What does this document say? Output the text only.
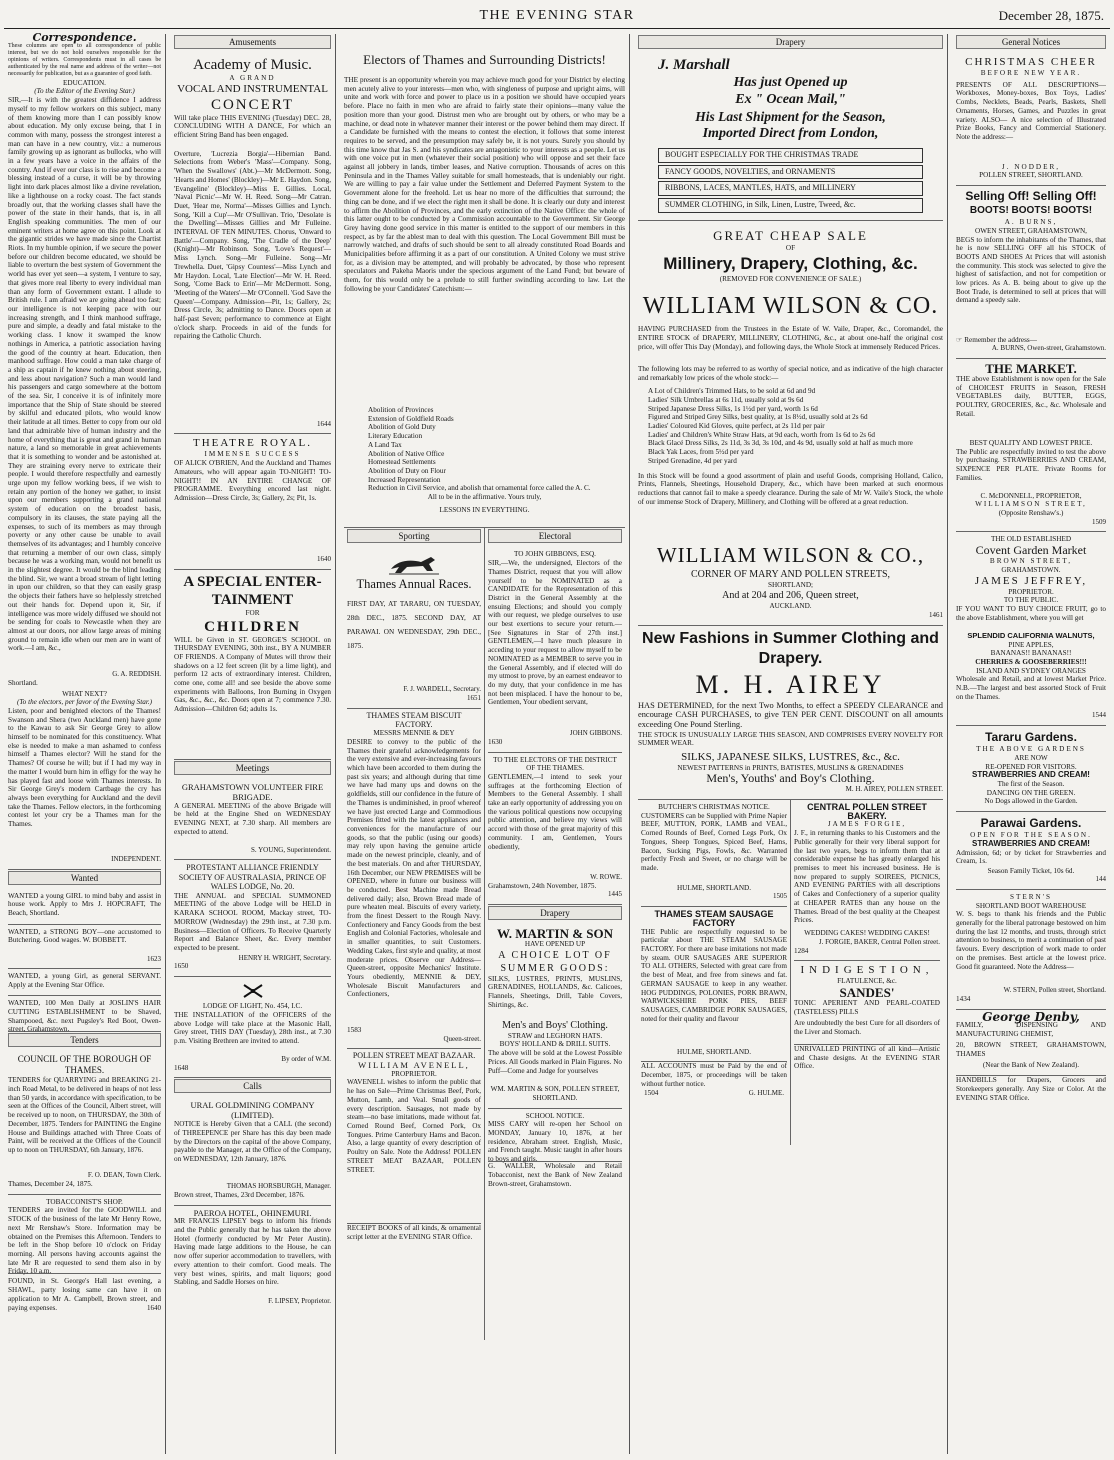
THE EVENING STAR	December 28, 1875.
Correspondence.
These columns are open to all correspondence of public interest, but we do not hold ourselves responsible for the opinions of writers. Correspondents must in all cases be authenticated by the real name and address of the writer—not necessarily for publication, but as a guarantee of good faith.
EDUCATION.
(To the Editor of the Evening Star.)
SIR,—It is with the greatest diffidence I address myself to my fellow workers on this subject, many of them knowing more than I can possibly know about education. My only excuse being, that I in common with many, possess the strongest interest a man can have in a new country, viz.: a numerous family growing up as ignorant as bullocks, who will in a few years have a voice in the affairs of the country. And if ever our class is to rise and become a blessing instead of a curse, it will be by throwing light into dark places almost like a divine revelation, like a lighthouse on a rocky coast. The fact stands broadly out, that the working classes shall have the power of the state in their hands, that is, in all English speaking communities. The men of our eminent writers at home agree on this point. Look at the gigantic strides we have made since the Chartist Riots. In my humble opinion, if we secure the power before our children become educated, we should be liable to overturn the best system of Government the world has ever yet seen—a system, I venture to say, that gives more real liberty to every individual man than any form of Government extant. I allude to British rule. I am afraid we are going ahead too fast; our intelligence is not keeping pace with our increasing strength, and I think manhood suffrage, pure and simple, a deadly and fatal mistake to the working class. I know it swamped the know nothings in America, a patriotic association having the good of the country at heart. Education, then manhood suffrage. How could a man take charge of a ship as captain if he knew nothing about steering, and less about navigation? Such a man would land his passengers and cargo somewhere at the bottom of the sea. Sir, I conceive it is of infinitely more importance that the Ship of State should be steered by skilful and educated pilots, who would know their latitude at all times. Better to copy from our old land that admirable hive of human industry and the home of everything that is great and grand in human nature, a land so memorable in great achievements that it is something to wonder and be astonished at. They are straining every nerve to extricate their people. I would therefore respectfully and earnestly urge upon my fellow working bees, if we wish to retain any portion of the honey we gather, to insist upon our members supporting a grand national system of education on the broadest basis, compulsory in its clauses, the state paying all the expenses, to such of its members as may through poverty or any other cause be unable to avail themselves of its advantages; and I humbly conceive that returning a member of our own class, simply because he was a working man, would not benefit us in the slightest degree. It would be the blind leading the blind. Sir, we want a broad stream of light letting in upon our children, so that they can easily grasp the objects their fathers have so helplessly stretched out their hands for. Depend upon it, Sir, if intelligence was more widely diffused we should not be sending for coals to Newcastle when they are almost at our doors, nor allow large areas of mining ground to remain idle when our men are in want of work.—I am, &c.,
G. A. REDDISH.
Shortland.
WHAT NEXT?
(To the electors, per favor of the Evening Star.)
Listen, poor and benighted electors of the Thames! Swanson and Shera (two Auckland men) have gone to the Kawau to ask Sir George Grey to allow himself to be nominated for this constituency. What else is needed to make a man ashamed to confess himself a Thames elector? Will he stand for the Thames? Of course he will; but if I had my way in the matter I would burn him in effigy for the way he has played fast and loose with Thames interests. In Sir George Grey's modern Cartbage the cry has always been everything for Auckland and the devil take the Thames. Fellow electors, in the forthcoming contest let your cry be a Thames man for the Thames.
INDEPENDENT.
Wanted
WANTED a young GIRL to mind baby and assist in house work. Apply to Mrs J. HOPCRAFT, The Beach, Shortland.
WANTED, a STRONG BOY—one accustomed to Butchering. Good wages. W. BOBBETT.
1623
WANTED, a young Girl, as general SERVANT. Apply at the Evening Star Office.
WANTED, 100 Men Daily at JOSLIN'S HAIR CUTTING ESTABLISHMENT to be Shaved, Shampooed, &c. next Pugsley's Red Boot, Owen-street, Grahamstown.
Tenders
COUNCIL OF THE BOROUGH OF THAMES.
TENDERS for QUARRYING and BREAKING 21-inch Road Metal, to be delivered in heaps of not less than 50 yards, in accordance with specification, to be seen at the Offices of the Council, Albert street, will be received up to noon, on THURSDAY, the 30th of December, 1875. Tenders for PAINTING the Engine House and Buildings attached with Three Coats of Paint, will be received at the Offices of the Council up to noon on THURSDAY, 6th January, 1876.
F. O. DEAN, Town Clerk.
Thames, December 24, 1875.
TOBACCONIST'S SHOP.
TENDERS are invited for the GOODWILL and STOCK of the business of the late Mr Henry Rowe, next Mr Renshaw's Store. Information may be obtained on the Premises this Afternoon. Tenders to be left in the Shop before 10 o'clock on Friday morning. All persons having accounts against the late Mr R are requested to send them also in by Friday, 10 a.m.
FOUND, in St. George's Hall last evening, a SHAWL, party losing same can have it on application to Mr A. Campbell, Brown street, and paying expenses.	1640
Amusements
Academy of Music.
A GRAND
VOCAL AND INSTRUMENTAL
CONCERT
Will take place THIS EVENING (Tuesday) DEC. 28, CONCLUDING WITH A DANCE, For which an efficient String Band has been engaged.
Overture, 'Lucrezia Borgia'—Hibernian Band. Selections from Weber's 'Mass'—Company. Song, 'When the Swallows' (Abt.)—Mr McDermott. Song, 'Hearts and Homes' (Blockley)—Mr E. Haydon. Song, 'Evangeline' (Blockley)—Miss E. Gillies. Local, 'Naval Picnic'—Mr W. H. Reed. Song—Mr Catran. Duet, 'Hear me, Norma'—Misses Gillies and Lynch. Song, 'Kill a Cup'—Mr O'Sullivan. Trio, 'Desolate is the Dwelling'—Misses Gillies and Mr Fulleine. INTERVAL OF TEN MINUTES. Chorus, 'Onward to Battle'—Company. Song, 'The Cradle of the Deep' (Knight)—Mr Robinson. Song, 'Love's Request'—Miss Lynch. Song—Mr Fulleine. Song—Mr Trewhella. Duet, 'Gipsy Countess'—Miss Lynch and Mr Haydon. Local, 'Late Election'—Mr W. H. Reed. Song, 'Come Back to Erin'—Mr McDermott. Song, 'Meeting of the Waters'—Mr O'Connell. 'God Save the Queen'—Company. Admission—Pit, 1s; Gallery, 2s; Dress Circle, 3s; admitting to Dance. Doors open at half-past Seven; performance to commence at Eight o'clock sharp. Proceeds in aid of the funds for repairing the Catholic Church.
1644
THEATRE ROYAL.
IMMENSE SUCCESS
OF ALICK O'BRIEN, And the Auckland and Thames Amateurs, who will appear again TO-NIGHT! TO-NIGHT!! IN AN ENTIRE CHANGE OF PROGRAMME. Everything encored last night. Admission—Dress Circle, 3s; Gallery, 2s; Pit, 1s.
1640
A SPECIAL ENTER-TAINMENT
FOR
CHILDREN
WILL be Given in ST. GEORGE'S SCHOOL on THURSDAY EVENING, 30th inst., BY A NUMBER OF FRIENDS. A Company of Mutes will throw their shadows on a 12 feet screen (lit by a lime light), and perform 12 acts of extraordinary interest. Children, come one, come all! and see beside the above some experiments with Balloons, Iron Burning in Oxygen Gas, &c., &c., &c. Doors open at 7; commence 7.30. Admission—Children 6d; adults 1s.
Meetings
GRAHAMSTOWN VOLUNTEER FIRE BRIGADE.
A GENERAL MEETING of the above Brigade will be held at the Engine Shed on WEDNESDAY EVENING NEXT, at 7.30 sharp. All members are expected to attend.
S. YOUNG, Superintendent.
PROTESTANT ALLIANCE FRIENDLY SOCIETY OF AUSTRALASIA, PRINCE OF WALES LODGE, No. 20.
THE ANNUAL and SPECIAL SUMMONED MEETING of the above Lodge will be HELD in KARAKA SCHOOL ROOM, Mackay street, TO-MORROW (Wednesday) the 29th inst., at 7.30 p.m. Business—Election of Officers. To Receive Quarterly Report and Balance Sheet, &c. Every member expected to be present.
HENRY H. WRIGHT, Secretary.
1650
LODGE OF LIGHT, No. 454, I.C.
THE INSTALLATION of the OFFICERS of the above Lodge will take place at the Masonic Hall, Grey street, THIS DAY (Tuesday), 28th inst., at 7.30 p.m. Visiting Brethren are invited to attend.
By order of W.M.
1648
Calls
URAL GOLDMINING COMPANY (LIMITED).
NOTICE is Hereby Given that a CALL (the second) of THREEPENCE per Share has this day been made by the Directors on the capital of the above Company, payable to the Manager, at the Office of the Company, on WEDNESDAY, 12th January, 1876.
THOMAS HORSBURGH, Manager.
Brown street, Thames, 23rd December, 1876.
PAEROA HOTEL, OHINEMURI.
MR FRANCIS LIPSEY begs to inform his friends and the Public generally that he has taken the above Hotel (formerly conducted by Mr Peter Austin). Having made large additions to the House, he can now offer superior accommodation to travellers, with every attention to their comfort. Good meals. The very best wines, spirits, and malt liquors; good Stabling, and Saddle Horses on hire.
F. LIPSEY, Proprietor.
Electors of Thames and Surrounding Districts!
THE present is an opportunity wherein you may achieve much good for your District by electing men acutely alive to your interests—men who, with singleness of purpose and upright aims, will unite and work with force and power to place us in a position we should have occupied years before. Place no faith in men who are afraid to fairly state their opinions—many value the position more than your good. Distrust men who are brought out by others, or who may be a machine, or dead note in whatever manner their interest or the power behind them may direct. If a Candidate be furnished with the means to contest the election, it follows that some interest requires to be served, and the presumption may safely be, it is not yours. Surely you should by this time know that Jas S. and his syndicates are antagonistic to your interests as a people. Let us with one voice put in men (whatever their social position) who will oppose and set their face against all jobbery in lands, timber leases, and Native corruption. Thousands of acres on this Peninsula and in the Thames Valley suitable for small homesteads, that is undeniably our right. We are willing to pay a fair value under the Settlement and Deferred Payment System to the Government alone for the freehold. Let us hear no more of the difficulties that surround; the thing can be done, and if we elect the right men it shall be done. It is clearly our duty and interest to affirm the Abolition of Provinces, and the early extinction of the Native Office: the whole of this latter ought to be conducted by a Commission accountable to the Government. Sir George Grey having done good service in this matter is entitled to the support of our members in this respect, as by far the ablest man to deal with this question. The Local Government Bill must be narrowly watched, and drafts of such should be sent to all already constituted Road Boards and Municipalities before affirming it as a part of our constitution. A United Colony we must strive for, as a division may be attempted, and will probably be advocated, by those who represent speculators and Pakeha Maoris under the specious argument of the Land Fund; but beware of them, for this would only be a prelude to still further swindling according to law. Let the following be your Candidates' Catechism:—
Abolition of Provinces
Extension of Goldfield Roads
Abolition of Gold Duty
Literary Education
A Land Tax
Abolition of Native Office
Homestead Settlements
Abolition of Duty on Flour
Increased Representation
Reduction in Civil Service, and abolish that ornamental force called the A. C.
All to be in the affirmative. Yours truly,
LESSONS IN EVERYTHING.
Sporting
Thames Annual Races.
FIRST DAY, AT TARARU, ON TUESDAY, 28th DEC., 1875. SECOND DAY, AT PARAWAI. ON WEDNESDAY, 29th DEC., 1875.
F. J. WARDELL, Secretary.
1651
THAMES STEAM BISCUIT FACTORY.
MESSRS MENNIE & DEY
DESIRE to convey to the public of the Thames their grateful acknowledgements for the very extensive and ever-increasing favours which have been accorded to them during the past six years; and although during that time we have had many ups and downs on the goldfields, still our confidence in the future of the Thames is undiminished, in proof whereof we have just erected Large and Commodious Premises fitted with the latest appliances and conveniences for the manufacture of our goods, so that the public (using our goods) may rely upon having the genuine article made on the newest principle, cleanly, and of the best materials. On and after THURSDAY, 16th December, our NEW PREMISES will be OPENED, where in future our business will be conducted. Best Machine made Bread delivered daily; also, Brown Bread made of pure wheaten meal. Biscuits of every variety, from the finest Dessert to the Rough Navy. Confectionery and Fancy Goods from the best English and Colonial Factories, wholesale and in smaller quantities, to suit Customers. Wedding Cakes, first style and quality, at most moderate prices. Observe our Address—Queen-street, opposite Mechanics' Institute. Yours obediently, MENNIE & DEY, Wholesale Biscuit Manufacturers and Confectioners,
1583
Queen-street.
POLLEN STREET MEAT BAZAAR.
WILLIAM AVENELL,
PROPRIETOR.
WAVENELL wishes to inform the public that he has on Sale—Prime Christmas Beef, Pork, Mutton, Lamb, and Veal. Small goods of every description. Sausages, not made by steam—no base imitations, made without fat. Corned Round Beef, Corned Pork, Ox Tongues. Prime Canterbury Hams and Bacon. Also, a large quantity of every description of Poultry on Sale. Note the Address! POLLEN STREET MEAT BAZAAR, POLLEN STREET.
RECEIPT BOOKS of all kinds, & ornamental script letter at the EVENING STAR Office.
Electoral
TO JOHN GIBBONS, ESQ.
SIR,—We, the undersigned, Electors of the Thames District, request that you will allow yourself to be NOMINATED as a CANDIDATE for the Representation of this District in the General Assembly at the ensuing Elections; and should you comply with our request, we pledge ourselves to use our best exertions to secure your return.— [See Signatures in Star of 27th inst.] GENTLEMEN,—I have much pleasure in acceding to your request to allow myself to be NOMINATED as a MEMBER to serve you in the General Assembly, and if elected will do my utmost to prove, by an earnest endeavor to do my duty, that your confidence in me has not been misplaced. I have the honour to be, Gentlemen, Your obedient servant,
JOHN GIBBONS.
1630
TO THE ELECTORS OF THE DISTRICT OF THE THAMES.
GENTLEMEN,—I intend to seek your suffrages at the forthcoming Election of Members to the General Assembly. I shall take an early opportunity of addressing you on the various political questions now occupying public attention, and believe my views will accord with those of the great majority of this community. I am, Gentlemen, Yours obediently,
W. ROWE.
Grahamstown, 24th November, 1875.
1445
Drapery
W. MARTIN & SON
HAVE OPENED UP
A CHOICE LOT OF SUMMER GOODS:
SILKS, LUSTRES, PRINTS, MUSLINS, GRENADINES, HOLLANDS, &c. Calicoes, Flannels, Sheetings, Drill, Table Covers, Shirtings, &c.
Men's and Boys' Clothing.
STRAW and LEGHORN HATS.
BOYS' HOLLAND & DRILL SUITS.
The above will be sold at the Lowest Possible Prices. All Goods marked in Plain Figures. No Puff—Come and Judge for yourselves
WM. MARTIN & SON, POLLEN STREET, SHORTLAND.
SCHOOL NOTICE.
MISS CARY will re-open her School on MONDAY, January 10, 1876, at her residence, Abraham street. English, Music, and French taught. Music taught in after hours to boys and girls.
G. WALLER, Wholesale and Retail Tobacconist, next the Bank of New Zealand Brown-street, Grahamstown.
Drapery
J. Marshall
Has just Opened up
Ex " Ocean Mail,"
His Last Shipment for the Season,
Imported Direct from London,
BOUGHT ESPECIALLY FOR THE CHRISTMAS TRADE
FANCY GOODS, NOVELTIES, and ORNAMENTS
RIBBONS, LACES, MANTLES, HATS, and MILLINERY
SUMMER CLOTHING, in Silk, Linen, Lustre, Tweed, &c.
GREAT CHEAP SALE
OF
Millinery, Drapery, Clothing, &c.
(REMOVED FOR CONVENIENCE OF SALE.)
WILLIAM WILSON & CO.
HAVING PURCHASED from the Trustees in the Estate of W. Vaile, Draper, &c., Coromandel, the ENTIRE STOCK of DRAPERY, MILLINERY, CLOTHING, &c., at about one-half the original cost price, will offer This Day (Monday), and following days, the Whole Stock at immensely Reduced Prices.
The following lots may be referred to as worthy of special notice, and as indicative of the high character and remarkably low prices of the whole stock:—
A Lot of Children's Trimmed Hats, to be sold at 6d and 9d
Ladies' Silk Umbrellas at 6s 11d, usually sold at 9s 6d
Striped Japanese Dress Silks, 1s 1½d per yard, worth 1s 6d
Figured and Striped Grey Silks, best quality, at 1s 8½d, usually sold at 2s 6d
Ladies' Coloured Kid Gloves, quite perfect, at 2s 11d per pair
Ladies' and Children's White Straw Hats, at 9d each, worth from 1s 6d to 2s 6d
Black Glacé Dress Silks, 2s 11d, 3s 3d, 3s 10d, and 4s 9d, usually sold at half as much more
Black Yak Laces, from 5½d per yard
Striped Grenadine, 4d per yard
In this Stock will be found a good assortment of plain and useful Goods, comprising Holland, Calico, Prints, Flannels, Sheetings, Household Drapery, &c., which have been marked at such enormous reductions that cannot fail to make a speedy clearance. During the sale of Mr W. Vaile's Stock, the whole of our immense Stock of Drapery, Millinery, and Clothing will be offered at a great reduction.
WILLIAM WILSON & CO.,
CORNER OF MARY AND POLLEN STREETS,
SHORTLAND;
And at 204 and 206, Queen street,
AUCKLAND.
1461
New Fashions in Summer Clothing and Drapery.
M. H. AIREY
HAS DETERMINED, for the next Two Months, to effect a SPEEDY CLEARANCE and encourage CASH PURCHASES, to give TEN PER CENT. DISCOUNT on all amounts exceeding One Pound Sterling.
THE STOCK IS UNUSUALLY LARGE THIS SEASON, AND COMPRISES EVERY NOVELTY FOR SUMMER WEAR.
SILKS, JAPANESE SILKS, LUSTRES, &c., &c.
NEWEST PATTERNS in PRINTS, BATISTES, MUSLINS & GRENADINES
Men's, Youths' and Boy's Clothing.
M. H. AIREY, POLLEN STREET.
BUTCHER'S CHRISTMAS NOTICE.
CUSTOMERS can be Supplied with Prime Napier BEEF, MUTTON, PORK, LAMB and VEAL, Corned Rounds of Beef, Corned Legs Pork, Ox Tongues, Sheep Tongues, Spiced Beef, Hams, Bacon, Sucking Pigs, Fowls, &c. Warranted perfectly Fresh and Sweet, or no charge will be made.
HULME, SHORTLAND.
1505
THAMES STEAM SAUSAGE FACTORY
THE Public are respectfully requested to be particular about THE STEAM SAUSAGE FACTORY. For there are base imitations not made by steam. OUR SAUSAGES ARE SUPERIOR TO ALL OTHERS, Selected with great care from the best of Meat, and free from sinews and fat. GERMAN SAUSAGE to keep in any weather. HOG PUDDINGS, POLONIES, PORK BRAWN, WARWICKSHIRE PORK PIES, BEEF SAUSAGES, CAMBRIDGE PORK SAUSAGES, noted for their quality and flavour
HULME, SHORTLAND.
ALL ACCOUNTS must be Paid by the end of December, 1875, or proceedings will be taken without further notice.
1504	G. HULME.
CENTRAL POLLEN STREET BAKERY.
JAMES FORGIE,
J. F., in returning thanks to his Customers and the Public generally for their very liberal support for the last two years, begs to inform them that at considerable expense he has greatly enlarged his premises to meet his increased business. He is now prepared to supply SOIREES, PICNICS, AND EVENING PARTIES with all descriptions of Cakes and Confectionery of a superior quality at CHEAPER RATES than any house on the Thames. Bread of the best quality at the Cheapest Prices.
WEDDING CAKES! WEDDING CAKES!
J. FORGIE, BAKER, Central Pollen street.
1284
INDIGESTION,
FLATULENCE, &c.
SANDES'
TONIC APERIENT AND PEARL-COATED (TASTELESS) PILLS
Are undoubtedly the best Cure for all disorders of the Liver and Stomach.
UNRIVALLED PRINTING of all kind—Artistic and Chaste designs. At the EVENING STAR Office.
General Notices
CHRISTMAS CHEER
BEFORE NEW YEAR.
PRESENTS OF ALL DESCRIPTIONS—Workboxes, Money-boxes, Box Toys, Ladies' Combs, Necklets, Beads, Pearls, Baskets, Shell Ornaments, Horses, Games, and Puzzles in great variety. ALSO— A nice selection of Illustrated Prize Books, Fancy and Commercial Stationery. Note the address:—
J. NODDER,
POLLEN STREET, SHORTLAND.
Selling Off! Selling Off!
BOOTS! BOOTS! BOOTS!
A. BURNS,
OWEN STREET, GRAHAMSTOWN,
BEGS to inform the inhabitants of the Thames, that he is now SELLING OFF all his STOCK of BOOTS AND SHOES At Prices that will astonish the community. This stock was selected to give the highest of satisfaction, and not for competition or low prices. As A. B. being about to give up the Boot Trade, is determined to sell at prices that will demand a speedy sale.
☞ Remember the address—
A. BURNS, Owen-street, Grahamstown.
THE MARKET.
THE above Establishment is now open for the Sale of CHOICEST FRUITS in Season, FRESH VEGETABLES daily, BUTTER, EGGS, POULTRY, GROCERIES, &c., &c. Wholesale and Retail.
BEST QUALITY AND LOWEST PRICE.
The Public are respectfully invited to test the above by purchasing. STRAWBERRIES AND CREAM, SIXPENCE PER PLATE. Private Rooms for Families.
C. McDONNELL, PROPRIETOR,
WILLIAMSON STREET,
(Opposite Renshaw's.)
1509
THE OLD ESTABLISHED
Covent Garden Market
BROWN STREET,
GRAHAMSTOWN.
JAMES JEFFREY,
PROPRIETOR.
TO THE PUBLIC.
IF YOU WANT TO BUY CHOICE FRUIT, go to the above Establishment, where you will get
SPLENDID CALIFORNIA WALNUTS,
PINE APPLES,
BANANAS!! BANANAS!!
CHERRIES & GOOSEBERRIES!!!
ISLAND AND SYDNEY ORANGES
Wholesale and Retail, and at lowest Market Price. N.B.—The largest and best assorted Stock of Fruit on the Thames.
1544
Tararu Gardens.
THE ABOVE GARDENS
ARE NOW
RE-OPENED FOR VISITORS.
STRAWBERRIES AND CREAM!
The first of the Season.
DANCING ON THE GREEN.
No Dogs allowed in the Garden.
Parawai Gardens.
OPEN FOR THE SEASON.
STRAWBERRIES AND CREAM!
Admission, 6d; or by ticket for Strawberries and Cream, 1s.
Season Family Ticket, 10s 6d.
144
STERN'S
SHORTLAND BOOT WAREHOUSE
W. S. begs to thank his friends and the Public generally for the liberal patronage bestowed on him during the last 12 months, and trusts, through strict attention to business, to merit a continuation of past favours. Every description of work made to order on the premises. Best article at the lowest price. Good fit guaranteed. Note the Address—
W. STERN, Pollen street, Shortland.
1434
George Denby,
FAMILY, DISPENSING AND MANUFACTURING CHEMIST,
20, BROWN STREET, GRAHAMSTOWN, THAMES
(Near the Bank of New Zealand).
HANDBILLS for Drapers, Grocers and Storekeepers generally. Any Size or Color. At the EVENING STAR Office.
